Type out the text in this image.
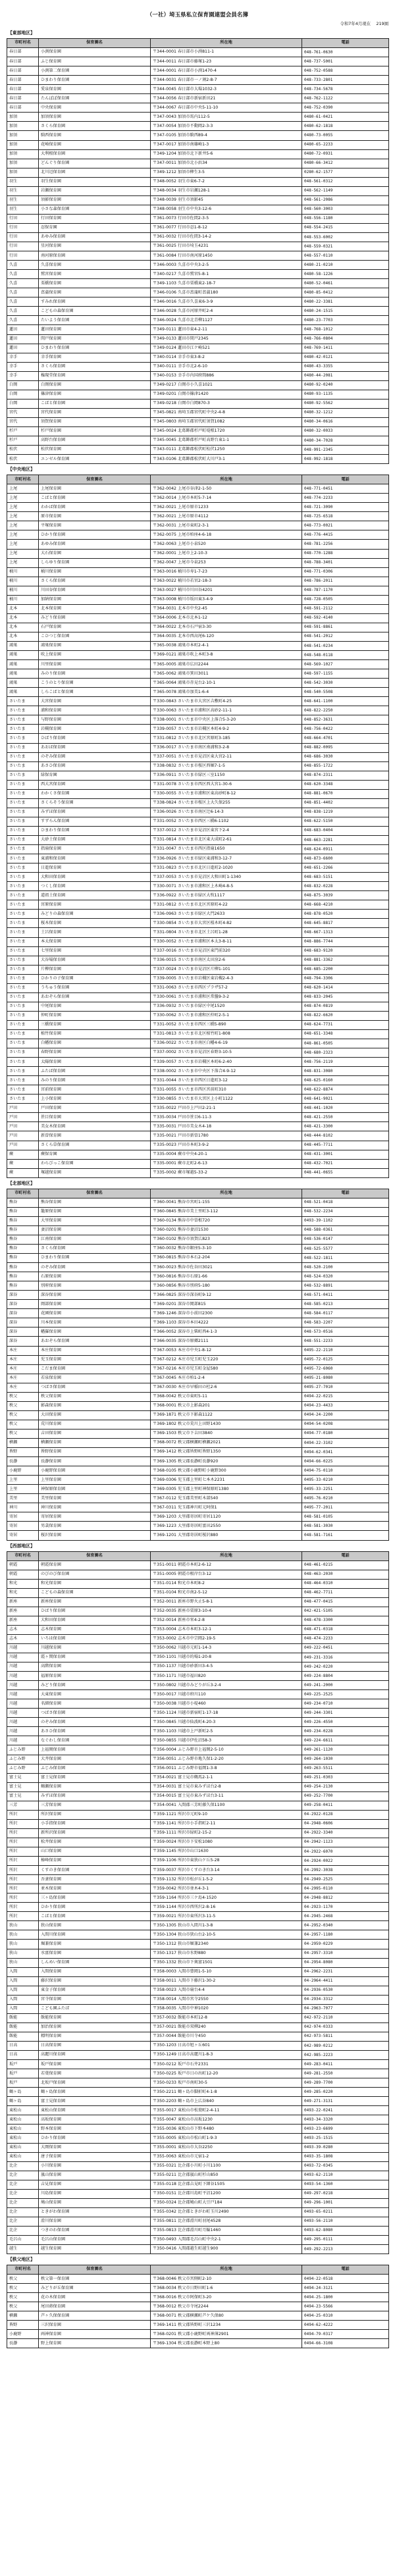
（一社）埼玉県私立保育園連盟会員名簿
令和7年4月現在 　219園
【東部地区】
市町村名	保育園名	所在地	電話
春日部	小渕保育園	〒344-0001 春日部市小渕811-1	048-761-0630
春日部	ふじ保育園	〒344-0011 春日部市藤塚1-23	048-737-5001
春日部	小渕第二保育園	〒344-0001 春日部市小渕1470-4	048-752-0588
春日部	ひまわり保育園	〒344-0031 春日部市一ノ割2-8-7	048-733-2801
春日部	愛泉保育園	〒344-0045 春日部市大場1032-3	048-734-5678
春日部	たんぽぽ保育園	〒344-0056 春日部市新宿新田21	048-762-1122
春日部	中央保育園	〒344-0067 春日部市中央5-11-10	048-752-0390
加須	加須保育園	〒347-0043 加須市馬内112-5	0480-61-0421
加須	さくら保育園	〒347-0054 加須市不動岡2-3-3	0480-62-1818
加須	騎西保育園	〒347-0105 加須市騎西89-4	0480-73-0055
加須	花崎保育園	〒347-0017 加須市南篠崎1-3	0480-65-2233
加須	大利根保育園	〒349-1204 加須市北下新井5-6	0480-72-0931
加須	どんぐり保育園	〒347-0011 加須市北小浜34	0480-66-3412
加須	北川辺保育園	〒349-1212 加須市柳生3-5	0280-62-1577
羽生	羽生保育園	〒348-0052 羽生市東6-7-2	048-561-0312
羽生	岩瀬保育園	〒348-0034 羽生市岩瀬128-1	048-562-1149
羽生	須影保育園	〒348-0039 羽生市須影45	048-561-2086
羽生	小さな森保育園	〒348-0058 羽生市中央3-12-6	048-560-3003
行田	行田保育園	〒361-0073 行田市佐間2-3-5	048-556-1180
行田	忍保育園	〒361-0077 行田市忍1-8-12	048-554-2415
行田	あゆみ保育園	〒361-0032 行田市佐間3-14-2	048-553-6002
行田	星河保育園	〒361-0025 行田市埼玉4231	048-559-0321
行田	南河原保育園	〒361-0084 行田市南河原1450	048-557-0110
久喜	久喜保育園	〒346-0003 久喜市中央3-2-5	0480-21-0210
久喜	鷲宮保育園	〒340-0217 久喜市鷲宮5-8-1	0480-58-1226
久喜	栗橋保育園	〒349-1103 久喜市栗橋東2-18-7	0480-52-0461
久喜	菖蒲保育園	〒346-0106 久喜市菖蒲町菖蒲180	0480-85-0412
久喜	すみれ保育園	〒346-0016 久喜市久喜東6-3-9	0480-22-3381
久喜	こどもの森保育園	〒346-0028 久喜市河原井町2-4	0480-24-1515
久喜	たいよう保育園	〒346-0024 久喜市北青柳1127	0480-23-7703
蓮田	蓮田保育園	〒349-0111 蓮田市東4-2-11	048-768-1012
蓮田	閏戸保育園	〒349-0133 蓮田市閏戸2345	048-766-0804
蓮田	ひまわり保育園	〒349-0124 蓮田市江ケ崎521	048-769-1411
幸手	幸手保育園	〒340-0114 幸手市東3-8-2	0480-42-0121
幸手	さくら保育園	〒340-0111 幸手市北2-6-10	0480-43-3355
幸手	権現堂保育園	〒340-0153 幸手市内国府間886	0480-44-2081
白岡	白岡保育園	〒349-0217 白岡市小久喜1021	0480-92-0240
白岡	篠津保育園	〒349-0201 白岡市篠津1420	0480-93-1135
白岡	こばと保育園	〒349-0218 白岡市白岡870-3	0480-92-5562
宮代	宮代保育園	〒345-0821 南埼玉郡宮代町中央2-4-8	0480-32-1212
宮代	須賀保育園	〒345-0803 南埼玉郡宮代町須賀1082	0480-34-0616
杉戸	杉戸保育園	〒345-0024 北葛飾郡杉戸町堤根1720	0480-32-0033
杉戸	高野台保育園	〒345-0045 北葛飾郡杉戸町高野台東1-1	0480-34-7028
松伏	松伏保育園	〒343-0111 北葛飾郡松伏町松伏1250	048-991-2345
松伏	エンゼル保育園	〒343-0106 北葛飾郡松伏町大川戸3-1	048-992-1818
【中央地区】
市町村名	保育園名	所在地	電話
上尾	上尾保育園	〒362-0042 上尾市谷津2-1-50	048-771-0451
上尾	こばと保育園	〒362-0014 上尾市本町5-7-14	048-774-2233
上尾	わかば保育園	〒362-0021 上尾市原市1233	048-721-3090
上尾	原市保育園	〒362-0021 上尾市原市4112	048-725-6518
上尾	平塚保育園	〒362-0031 上尾市東町2-3-1	048-773-0021
上尾	ひかり保育園	〒362-0075 上尾市柏座4-6-18	048-776-4415
上尾	あゆみ保育園	〒362-0063 上尾市小泉520	048-781-2256
上尾	大石保育園	〒362-0001 上尾市上2-10-3	048-770-1288
上尾	しらゆり保育園	〒362-0047 上尾市今泉253	048-788-3401
桶川	桶川保育園	〒363-0016 桶川市寿1-7-23	048-771-0306
桶川	さくら保育園	〒363-0022 桶川市若宮2-18-3	048-786-2011
桶川	川田谷保育園	〒363-0027 桶川市川田谷4201	048-787-1170
桶川	加納保育園	〒363-0008 桶川市坂田東3-4-9	048-728-0505
北本	北本保育園	〒364-0031 北本市中央2-45	048-591-2112
北本	みどり保育園	〒364-0006 北本市北本1-12	048-592-4140
北本	石戸保育園	〒364-0022 北本市石戸宿3-30	048-591-8861
北本	こひつじ保育園	〒364-0035 北本市西高尾6-120	048-541-2012
鴻巣	鴻巣保育園	〒365-0038 鴻巣市本町2-4-1	048-541-0234
鴻巣	吹上保育園	〒369-0121 鴻巣市吹上本町3-8	048-548-0118
鴻巣	川里保育園	〒365-0005 鴻巣市広田2244	048-569-1027
鴻巣	みのり保育園	〒365-0062 鴻巣市箕田3011	048-597-1155
鴻巣	こうのとり保育園	〒365-0064 鴻巣市赤見台2-10-1	048-542-3030
鴻巣	しらこばと保育園	〒365-0078 鴻巣市加美1-6-4	048-540-5508
さいたま	大宮保育園	〒330-0843 さいたま市大宮区吉敷町4-25	048-641-1100
さいたま	浦和保育園	〒330-0063 さいたま市浦和区高砂2-11-1	048-822-2250
さいたま	与野保育園	〒338-0001 さいたま市中央区上落合5-3-20	048-852-3631
さいたま	岩槻保育園	〒339-0057 さいたま市岩槻区本町4-9-2	048-756-0422
さいたま	ひばり保育園	〒331-0812 さいたま市北区宮原町3-185	048-664-4701
さいたま	あおば保育園	〒336-0017 さいたま市南区南浦和3-2-8	048-882-0095
さいたま	のぞみ保育園	〒337-0051 さいたま市見沼区東大宮2-11	048-686-3030
さいたま	あさひ保育園	〒338-0832 さいたま市桜区西堀7-1-5	048-855-1722
さいたま	緑保育園	〒336-0911 さいたま市緑区三室1150	048-874-2311
さいたま	西大宮保育園	〒331-0078 さいたま市西区西大宮1-30-6	048-620-3348
さいたま	わかくさ保育園	〒330-0055 さいたま市浦和区東高砂町8-12	048-881-0670
さいたま	さくらそう保育園	〒338-0824 さいたま市桜区上大久保255	048-851-4402
さいたま	みずほ保育園	〒336-0026 さいたま市南区辻6-14-3	048-838-1219
さいたま	すずらん保育園	〒331-0052 さいたま市西区三橋6-1102	048-622-5150
さいたま	ひまわり保育園	〒337-0012 さいたま市見沼区東宮下2-4	048-683-0404
さいたま	大砂土保育園	〒331-0814 さいたま市北区東大成町2-61	048-663-2281
さいたま	指扇保育園	〒331-0047 さいたま市西区指扇1650	048-624-0911
さいたま	東浦和保育園	〒336-0926 さいたま市緑区東浦和3-12-7	048-873-6600
さいたま	日進保育園	〒331-0823 さいたま市北区日進町2-1020	048-651-2266
さいたま	大和田保育園	〒337-0053 さいたま市見沼区大和田町1-1340	048-683-5151
さいたま	つくし保育園	〒330-0071 さいたま市浦和区上木崎4-8-5	048-832-0228
さいたま	道祖土保育園	〒336-0922 さいたま市緑区大牧1117	048-875-3039
さいたま	宮原保育園	〒331-0812 さいたま市北区宮原町4-22	048-668-4210
さいたま	みどりの森保育園	〒336-0963 さいたま市緑区大門2633	048-878-0520
さいたま	桜木保育園	〒330-0854 さいたま市大宮区桜木町4-82	048-645-8817
さいたま	土呂保育園	〒331-0804 さいたま市北区土呂町1-28	048-667-1313
さいたま	本太保育園	〒330-0052 さいたま市浦和区本太3-8-11	048-886-7744
さいたま	七里保育園	〒337-0016 さいたま市見沼区東門前320	048-683-9120
さいたま	大谷場保育園	〒336-0015 さいたま市南区太田窪2-6	048-881-3362
さいたま	片柳保育園	〒337-0024 さいたま市見沼区片柳1-101	048-685-2200
さいたま	ひかりの子保育園	〒339-0005 さいたま市岩槻区東岩槻2-4-3	048-794-3306
さいたま	うちゅう保育園	〒331-0063 さいたま市西区プラザ57-2	048-620-1414
さいたま	あおぞら保育園	〒330-0061 さいたま市浦和区常盤9-3-2	048-833-2045
さいたま	中尾保育園	〒336-0932 さいたま市緑区中尾1520	048-874-0819
さいたま	仲町保育園	〒330-0062 さいたま市浦和区仲町2-5-1	048-822-6620
さいたま	三橋保育園	〒331-0052 さいたま市西区三橋5-890	048-624-7731
さいたま	植竹保育園	〒331-0813 さいたま市北区植竹町1-808	048-651-3348
さいたま	白幡保育園	〒336-0022 さいたま市南区白幡4-6-19	048-861-0505
さいたま	春野保育園	〒337-0002 さいたま市見沼区春野3-10-5	048-680-2323
さいたま	太陽保育園	〒339-0057 さいたま市岩槻区本町6-2-40	048-756-2119
さいたま	ふたば保育園	〒338-0002 さいたま市中央区下落合4-9-12	048-831-3080
さいたま	みのり保育園	〒331-0044 さいたま市西区日進町3-12	048-625-0160
さいたま	宮前保育園	〒331-0055 さいたま市西区宮前町310	048-622-8874
さいたま	上小保育園	〒330-0855 さいたま市大宮区上小町1122	048-641-9021
戸田	戸田保育園	〒335-0022 戸田市上戸田2-21-1	048-441-1020
戸田	笹目保育園	〒335-0034 戸田市笹目6-11-3	048-421-2550
戸田	美女木保育園	〒335-0031 戸田市美女木4-18	048-421-3300
戸田	新曽保育園	〒335-0021 戸田市新曽1780	048-444-8102
戸田	さくら草保育園	〒335-0023 戸田市本町3-9-2	048-445-7711
蕨	蕨保育園	〒335-0004 蕨市中央4-20-1	048-431-3001
蕨	わらびっこ保育園	〒335-0001 蕨市北町2-6-13	048-432-7021
蕨	塚越保育園	〒335-0002 蕨市塚越5-33-2	048-441-0655
【北部地区】
市町村名	保育園名	所在地	電話
熊谷	熊谷保育園	〒360-0041 熊谷市宮町1-155	048-521-0418
熊谷	籠原保育園	〒360-0845 熊谷市美土里町3-112	048-532-2234
熊谷	大里保育園	〒360-0134 熊谷市中曽根720	0493-39-1102
熊谷	妻沼保育園	〒360-0201 熊谷市妻沼1530	048-588-0361
熊谷	江南保育園	〒360-0102 熊谷市須賀広823	048-536-0147
熊谷	さくら保育園	〒360-0032 熊谷市銀座5-3-10	048-525-5577
熊谷	ひまわり保育園	〒360-0815 熊谷市本石2-204	048-522-1811
熊谷	のぞみ保育園	〒360-0023 熊谷市佐谷田3021	048-520-2100
熊谷	石原保育園	〒360-0816 熊谷市石原1-66	048-524-0320
熊谷	別府保育園	〒360-0856 熊谷市別府5-180	048-532-8891
深谷	深谷保育園	〒366-0825 深谷市深谷町9-12	048-571-0411
深谷	岡部保育園	〒369-0201 深谷市岡部815	048-585-0213
深谷	花園保育園	〒369-1246 深谷市小前田2300	048-584-0117
深谷	川本保育園	〒369-1103 深谷市本田4222	048-583-2207
深谷	幡羅保育園	〒366-0052 深谷市上柴町西4-1-3	048-573-0516
深谷	あおぞら保育園	〒366-0035 深谷市原郷2111	048-551-2233
本庄	本庄保育園	〒367-0053 本庄市中央1-8-12	0495-22-2110
本庄	児玉保育園	〒367-0212 本庄市児玉町児玉220	0495-72-0125
本庄	こだま保育園	〒367-0216 本庄市児玉町金屋580	0495-72-6060
本庄	若泉保育園	〒367-0045 本庄市柏1-2-4	0495-21-8080
本庄	つばさ保育園	〒367-0030 本庄市早稲田の杜2-6	0495-27-7010
秩父	秩父保育園	〒368-0042 秩父市東町5-11	0494-22-0215
秩父	影森保育園	〒368-0001 秩父市上影森201	0494-23-4433
秩父	大田保育園	〒369-1871 秩父市下影森1122	0494-24-2200
秩父	荒川保育園	〒369-1802 秩父市荒川上田野1430	0494-54-0208
秩父	吉田保育園	〒369-1503 秩父市下吉田3840	0494-77-0180
横瀬	横瀬保育園	〒368-0072 秩父郡横瀬町横瀬2021	0494-22-3102
皆野	皆野保育園	〒369-1412 秩父郡皆野町皆野1350	0494-62-0341
長瀞	長瀞保育園	〒369-1305 秩父郡長瀞町長瀞920	0494-66-0225
小鹿野	小鹿野保育園	〒368-0105 秩父郡小鹿野町小鹿野300	0494-75-0110
上里	上里保育園	〒369-0306 児玉郡上里町七本木2231	0495-33-0210
上里	神保原保育園	〒369-0305 児玉郡上里町神保原町1380	0495-33-2251
美里	美里保育園	〒367-0112 児玉郡美里町木部540	0495-76-0210
神川	神川保育園	〒367-0311 児玉郡神川町元阿保1	0495-77-2011
寄居	寄居保育園	〒369-1203 大里郡寄居町寄居1120	048-581-0105
寄居	男衾保育園	〒369-1223 大里郡寄居町富田2550	048-581-3030
寄居	桜沢保育園	〒369-1201 大里郡寄居町桜沢880	048-581-7161
【西部地区】
市町村名	保育園名	所在地	電話
朝霞	朝霞保育園	〒351-0011 朝霞市本町2-6-12	048-461-0215
朝霞	のびのび保育園	〒351-0005 朝霞市根岸台3-12	048-463-2030
和光	和光保育園	〒351-0114 和光市本町8-2	048-464-0310
和光	こどもの森保育園	〒351-0104 和光市南2-5-12	048-462-7711
新座	新座保育園	〒352-0011 新座市野火止5-8-1	048-477-0415
新座	ひばり保育園	〒352-0035 新座市栗原3-10-4	042-421-5105
新座	大和田保育園	〒352-0014 新座市栄4-2-8	048-478-3300
志木	志木保育園	〒353-0004 志木市本町3-12-1	048-471-0318
志木	いろは保育園	〒353-0002 志木市中宗岡2-19-5	048-474-2233
川越	川越保育園	〒350-0062 川越市元町1-14-3	049-222-0451
川越	霞ヶ関保育園	〒350-1101 川越市的場1-20-8	049-231-3316
川越	高階保育園	〒350-1137 川越市砂新田3-4-5	049-242-0220
川越	福原保育園	〒350-1171 川越市福田820	049-224-8804
川越	みどり保育園	〒350-0802 川越市みどりが丘3-2-4	049-241-2000
川越	大東保育園	〒350-0017 川越市府川110	049-225-2525
川越	名細保育園	〒350-0038 川越市小堤460	049-234-0710
川越	つばさ保育園	〒350-1124 川越市新宿町1-17-18	049-244-3301
川越	のぞみ保育園	〒350-0845 川越市仙波町4-20-3	049-226-4550
川越	あさひ保育園	〒350-1103 川越市上戸新町2-5	049-234-0228
川越	なぐわし保育園	〒350-0855 川越市伊佐沼58-3	049-224-6611
ふじみ野	上福岡保育園	〒356-0004 ふじみ野市上福岡2-5-10	049-261-1120
ふじみ野	大井保育園	〒356-0051 ふじみ野市亀久保1-2-20	049-264-1030
ふじみ野	ふじみ保育園	〒356-0011 ふじみ野市福岡1-3-8	049-263-5511
富士見	富士見保育園	〒354-0021 富士見市鶴馬2-1-1	049-251-0303
富士見	鶴瀬保育園	〒354-0031 富士見市東みずほ台2-8	049-254-2130
富士見	みずほ保育園	〒354-0015 富士見市東みずほ台3-11	049-252-7700
三芳	三芳保育園	〒354-0041 入間郡三芳町藤久保1100	049-258-0411
所沢	所沢保育園	〒359-1121 所沢市元町9-10	04-2922-0128
所沢	小手指保育園	〒359-1141 所沢市小手指町2-11	04-2948-0606
所沢	新所沢保育園	〒359-1111 所沢市緑町2-15-2	04-2922-3340
所沢	松井保育園	〒359-0024 所沢市下安松1080	04-2942-1123
所沢	山口保育園	〒359-1145 所沢市山口1630	04-2922-6070
所沢	椿峰保育園	〒359-1106 所沢市東狭山ケ丘5-28	04-2924-0022
所沢	くすのき保育園	〒359-0037 所沢市くすのき台3-14	04-2992-3038
所沢	吾妻保育園	〒359-1132 所沢市松が丘1-5-2	04-2949-2525
所沢	並木保育園	〒359-0042 所沢市並木4-3-1	04-2995-0110
所沢	三ヶ島保育園	〒359-1164 所沢市三ケ島4-1520	04-2948-8812
所沢	ひかり保育園	〒359-1144 所沢市西所沢2-8-16	04-2923-1170
所沢	こばと保育園	〒359-0021 所沢市東所沢3-11-5	04-2945-2468
狭山	狭山保育園	〒350-1305 狭山市入間川1-3-8	04-2952-0340
狭山	入間川保育園	〒350-1304 狭山市狭山台2-10-5	04-2957-1180
狭山	堀兼保育園	〒350-1312 狭山市堀兼2340	04-2959-0229
狭山	水富保育園	〒350-1317 狭山市水野880	04-2957-3310
狭山	しんめい保育園	〒350-1332 狭山市下奥富1501	04-2954-8080
入間	入間保育園	〒358-0003 入間市豊岡1-5-10	04-2962-2231
入間	藤沢保育園	〒358-0011 入間市下藤沢1-30-2	04-2964-4411
入間	東金子保育園	〒358-0023 入間市扇台4-4	04-2936-0530
入間	宮寺保育園	〒358-0014 入間市宮寺2550	04-2934-3312
入間	こども園ふたば	〒358-0035 入間市中神1020	04-2963-7077
飯能	飯能保育園	〒357-0032 飯能市本町12-8	042-972-2110
飯能	加治保育園	〒357-0021 飯能市双柳240	042-974-0333
飯能	精明保育園	〒357-0044 飯能市川寺450	042-973-5811
日高	日高保育園	〒350-1203 日高市旭ヶ丘601	042-989-0212
日高	高麗川保育園	〒350-1249 日高市高麗川1-8-3	042-985-2223
坂戸	坂戸保育園	〒350-0212 坂戸市石井2331	049-283-0411
坂戸	若葉保育園	〒350-0225 坂戸市日の出町12-20	049-281-2550
坂戸	北坂戸保育園	〒350-0233 坂戸市南町30-5	049-289-7700
鶴ヶ島	鶴ヶ島保育園	〒350-2211 鶴ヶ島市脚折町4-1-8	049-285-0220
鶴ヶ島	富士見保育園	〒350-2203 鶴ヶ島市上広谷840	049-271-3131
東松山	東松山保育園	〒355-0017 東松山市松葉町2-4-11	0493-22-0241
東松山	高坂保育園	〒355-0047 東松山市高坂1230	0493-34-3320
東松山	野本保育園	〒355-0036 東松山市下野本480	0493-23-6699
東松山	ひかり保育園	〒355-0005 東松山市松山町1-9-3	0493-25-1515
東松山	大岡保育園	〒355-0001 東松山市大谷2250	0493-39-0280
東松山	唐子保育園	〒355-0063 東松山市元宿1-2	0493-35-1808
比企	小川保育園	〒355-0321 比企郡小川町小川1100	0493-72-0345
比企	嵐山保育園	〒355-0211 比企郡嵐山町杉山850	0493-62-2110
比企	吉見保育園	〒355-0118 比企郡吉見町下細谷1505	0493-54-1360
比企	川島保育園	〒350-0151 比企郡川島町平沼1200	049-297-0218
比企	鳩山保育園	〒350-0324 比企郡鳩山町大豆戸184	049-296-1001
比企	ときがわ保育園	〒355-0342 比企郡ときがわ町玉川2490	0493-65-0211
比企	滑川保育園	〒355-0811 比企郡滑川町羽尾4528	0493-56-2110
比企	つきのわ保育園	〒355-0813 比企郡滑川町月輪1460	0493-62-8080
毛呂山	毛呂山保育園	〒350-0493 入間郡毛呂山町中央2-1	049-295-0111
越生	越生保育園	〒350-0416 入間郡越生町越生900	049-292-2213
【秩父地区】
市町村名	保育園名	所在地	電話
秩父	秩父第一保育園	〒368-0046 秩父市宮側町2-10	0494-22-0518
秩父	みどりが丘保育園	〒368-0034 秩父市日野田町1-6	0494-24-3121
秩父	花の木保育園	〒368-0016 秩父市阿保町3-20	0494-25-1800
秩父	尾田蒔保育園	〒368-0012 秩父市寺尾2244	0494-23-5566
横瀬	芦ヶ久保保育園	〒368-0071 秩父郡横瀬町芦ケ久保80	0494-25-0310
皆野	三沢保育園	〒369-1411 秩父郡皆野町三沢1234	0494-62-4222
小鹿野	両神保育園	〒368-0201 秩父郡小鹿野町両神薄2901	0494-79-0317
長瀞	野上保育園	〒369-1304 秩父郡長瀞町本野上80	0494-66-3108
